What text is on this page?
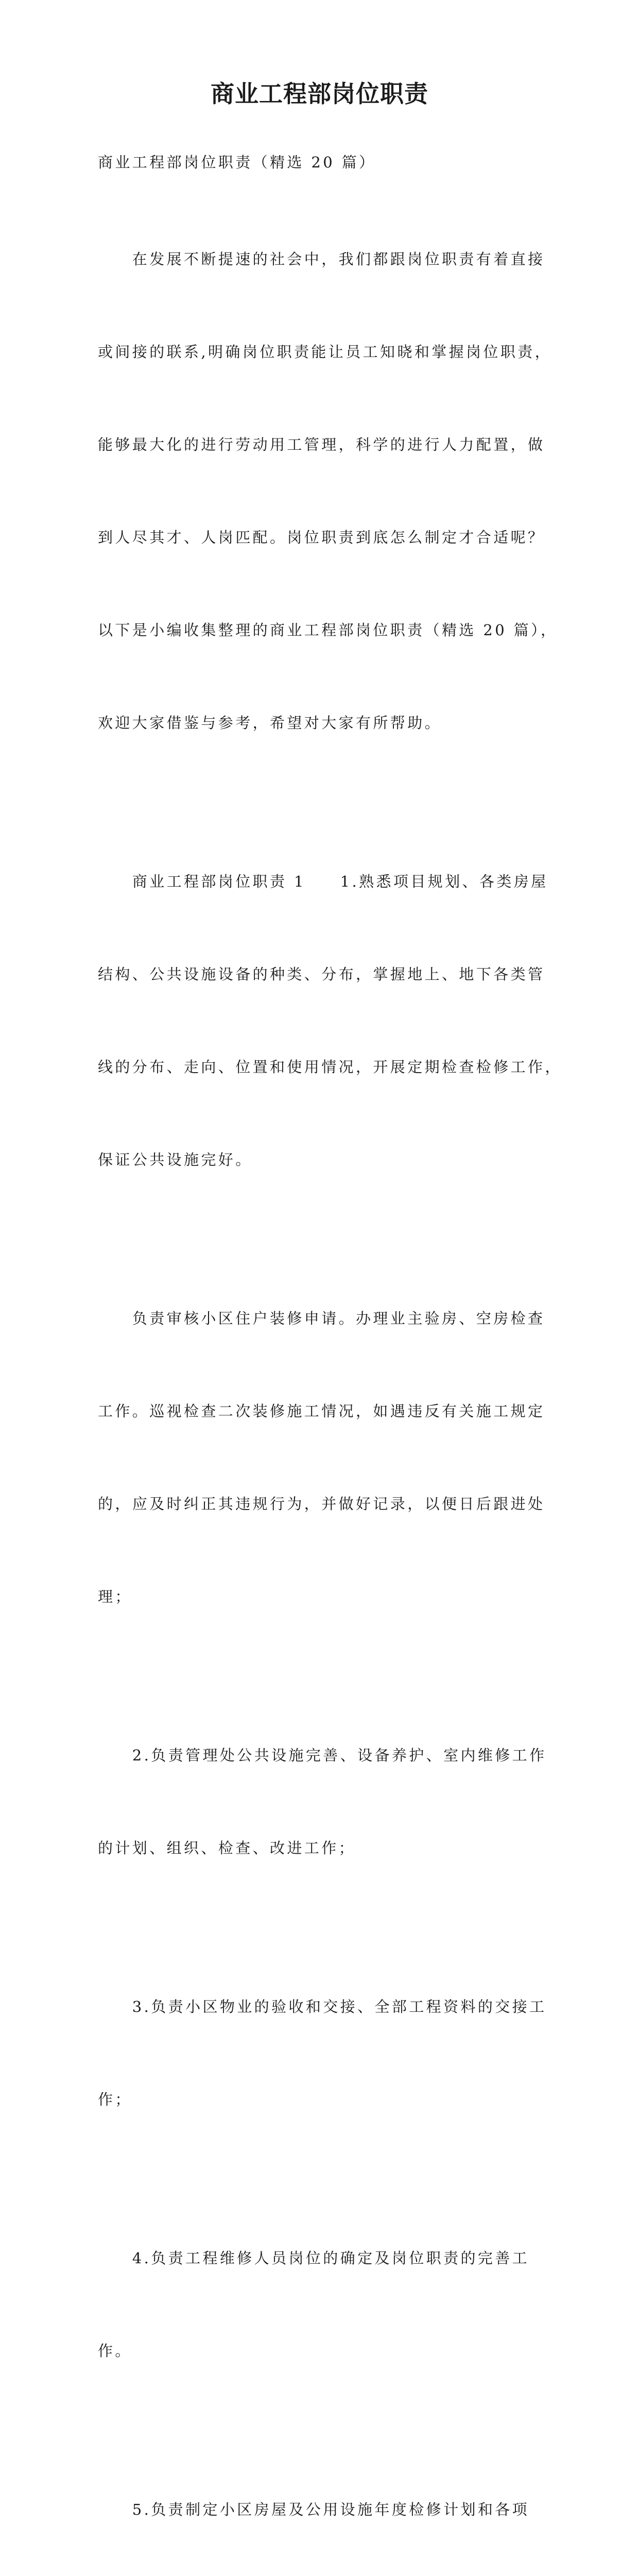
商业工程部岗位职责

商业工程部岗位职责（精选 20 篇）

　　在发展不断提速的社会中，我们都跟岗位职责有着直接

或间接的联系,明确岗位职责能让员工知晓和掌握岗位职责，

能够最大化的进行劳动用工管理，科学的进行人力配置，做

到人尽其才、人岗匹配。岗位职责到底怎么制定才合适呢？

以下是小编收集整理的商业工程部岗位职责（精选 20 篇），

欢迎大家借鉴与参考，希望对大家有所帮助。

　　商业工程部岗位职责 1　　1.熟悉项目规划、各类房屋

结构、公共设施设备的种类、分布，掌握地上、地下各类管

线的分布、走向、位置和使用情况，开展定期检查检修工作，

保证公共设施完好。

　　负责审核小区住户装修申请。办理业主验房、空房检查

工作。巡视检查二次装修施工情况，如遇违反有关施工规定

的，应及时纠正其违规行为，并做好记录，以便日后跟进处

理；

　　2.负责管理处公共设施完善、设备养护、室内维修工作

的计划、组织、检查、改进工作；

　　3.负责小区物业的验收和交接、全部工程资料的交接工

作；

　　4.负责工程维修人员岗位的确定及岗位职责的完善工

作。

　　5.负责制定小区房屋及公用设施年度检修计划和各项
